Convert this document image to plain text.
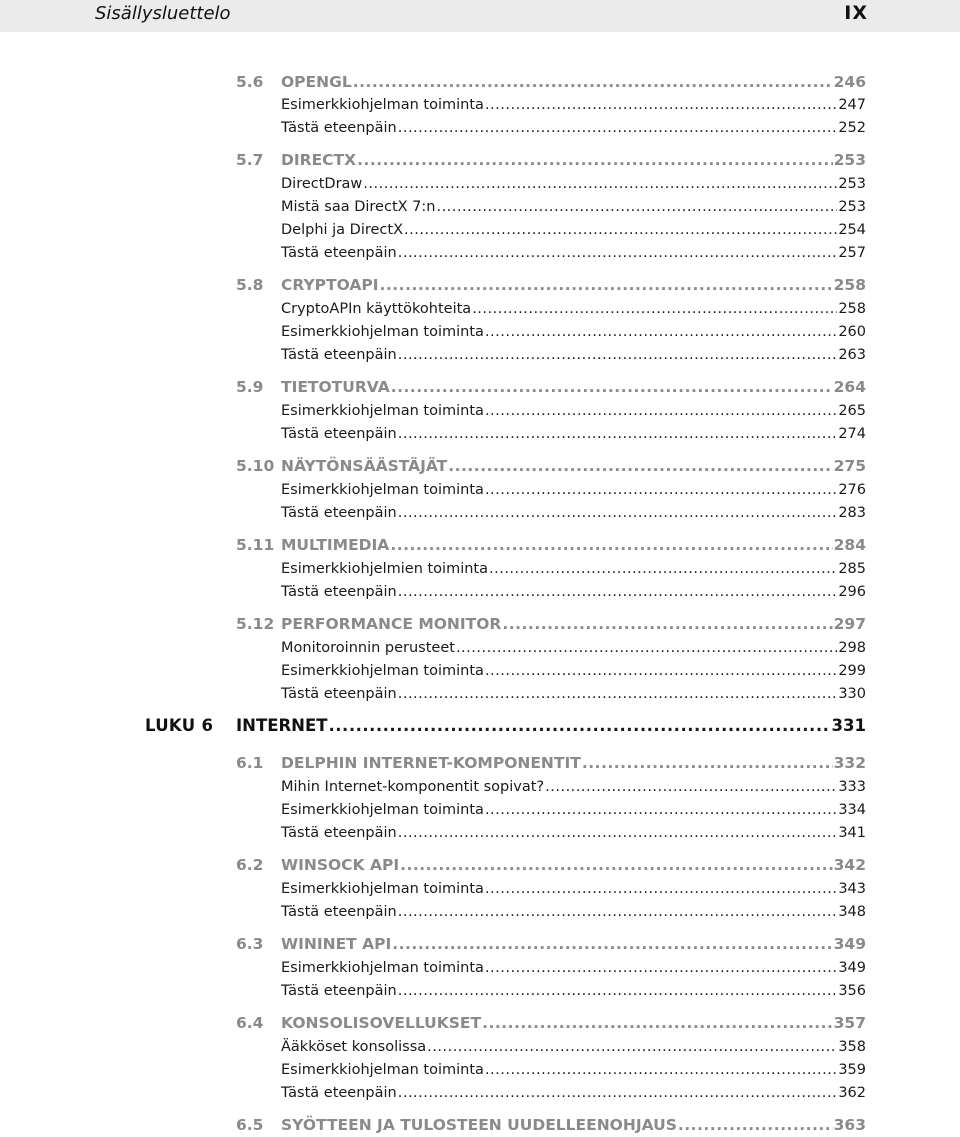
Sisällysluettelo	IX
5.6	OPENGL .....	246
Esimerkkiohjelman toiminta .....	247
Tästä eteenpäin .....	252
5.7	DIRECTX .....	253
DirectDraw .....	253
Mistä saa DirectX 7:n .....	253
Delphi ja DirectX .....	254
Tästä eteenpäin .....	257
5.8	CRYPTOAPI .....	258
CryptoAPIn käyttökohteita .....	258
Esimerkkiohjelman toiminta .....	260
Tästä eteenpäin .....	263
5.9	TIETOTURVA .....	264
Esimerkkiohjelman toiminta .....	265
Tästä eteenpäin .....	274
5.10 NÄYTÖNSÄÄSTÄJÄT .....	275
Esimerkkiohjelman toiminta .....	276
Tästä eteenpäin .....	283
5.11 MULTIMEDIA .....	284
Esimerkkiohjelmien toiminta .....	285
Tästä eteenpäin .....	296
5.12 PERFORMANCE MONITOR .....	297
Monitoroinnin perusteet .....	298
Esimerkkiohjelman toiminta .....	299
Tästä eteenpäin .....	330
LUKU 6 INTERNET .....	331
6.1	DELPHIN INTERNET-KOMPONENTIT .....	332
Mihin Internet-komponentit sopivat? .....	333
Esimerkkiohjelman toiminta .....	334
Tästä eteenpäin .....	341
6.2	WINSOCK API .....	342
Esimerkkiohjelman toiminta .....	343
Tästä eteenpäin .....	348
6.3	WININET API .....	349
Esimerkkiohjelman toiminta .....	349
Tästä eteenpäin .....	356
6.4	KONSOLISOVELLUKSET .....	357
Ääkköset konsolissa .....	358
Esimerkkiohjelman toiminta .....	359
Tästä eteenpäin .....	362
6.5	SYÖTTEEN JA TULOSTEEN UUDELLEENOHJAUS .....	363
